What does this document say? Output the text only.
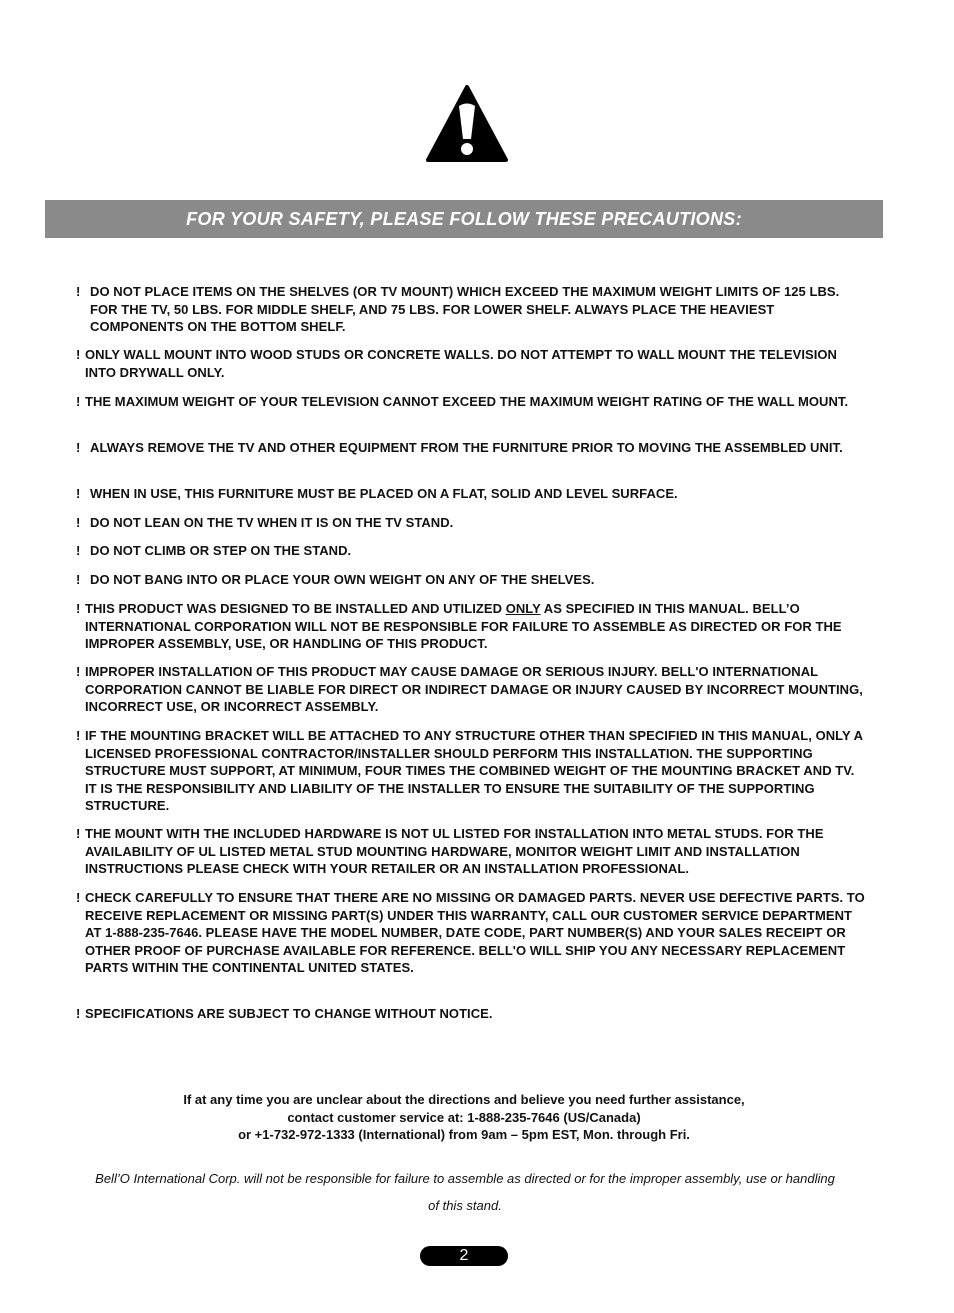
FOR YOUR SAFETY, PLEASE FOLLOW THESE PRECAUTIONS:
! DO NOT PLACE ITEMS ON THE SHELVES (OR TV MOUNT) WHICH EXCEED THE MAXIMUM WEIGHT LIMITS OF 125 LBS. FOR THE TV, 50 LBS. FOR MIDDLE SHELF, AND 75 LBS. FOR LOWER SHELF. ALWAYS PLACE THE HEAVIEST COMPONENTS ON THE BOTTOM SHELF.
! ONLY WALL MOUNT INTO WOOD STUDS OR CONCRETE WALLS. DO NOT ATTEMPT TO WALL MOUNT THE TELEVISION INTO DRYWALL ONLY.
! THE MAXIMUM WEIGHT OF YOUR TELEVISION CANNOT EXCEED THE MAXIMUM WEIGHT RATING OF THE WALL MOUNT.
! ALWAYS REMOVE THE TV AND OTHER EQUIPMENT FROM THE FURNITURE PRIOR TO MOVING THE ASSEMBLED UNIT.
! WHEN IN USE, THIS FURNITURE MUST BE PLACED ON A FLAT, SOLID AND LEVEL SURFACE.
! DO NOT LEAN ON THE TV WHEN IT IS ON THE TV STAND.
! DO NOT CLIMB OR STEP ON THE STAND.
! DO NOT BANG INTO OR PLACE YOUR OWN WEIGHT ON ANY OF THE SHELVES.
! THIS PRODUCT WAS DESIGNED TO BE INSTALLED AND UTILIZED ONLY AS SPECIFIED IN THIS MANUAL. BELL’O INTERNATIONAL CORPORATION WILL NOT BE RESPONSIBLE FOR FAILURE TO ASSEMBLE AS DIRECTED OR FOR THE IMPROPER ASSEMBLY, USE, OR HANDLING OF THIS PRODUCT.
! IMPROPER INSTALLATION OF THIS PRODUCT MAY CAUSE DAMAGE OR SERIOUS INJURY. BELL'O INTERNATIONAL CORPORATION CANNOT BE LIABLE FOR DIRECT OR INDIRECT DAMAGE OR INJURY CAUSED BY INCORRECT MOUNTING, INCORRECT USE, OR INCORRECT ASSEMBLY.
! IF THE MOUNTING BRACKET WILL BE ATTACHED TO ANY STRUCTURE OTHER THAN SPECIFIED IN THIS MANUAL, ONLY A LICENSED PROFESSIONAL CONTRACTOR/INSTALLER SHOULD PERFORM THIS INSTALLATION. THE SUPPORTING STRUCTURE MUST SUPPORT, AT MINIMUM, FOUR TIMES THE COMBINED WEIGHT OF THE MOUNTING BRACKET AND TV. IT IS THE RESPONSIBILITY AND LIABILITY OF THE INSTALLER TO ENSURE THE SUITABILITY OF THE SUPPORTING STRUCTURE.
! THE MOUNT WITH THE INCLUDED HARDWARE IS NOT UL LISTED FOR INSTALLATION INTO METAL STUDS. FOR THE AVAILABILITY OF UL LISTED METAL STUD MOUNTING HARDWARE, MONITOR WEIGHT LIMIT AND INSTALLATION INSTRUCTIONS PLEASE CHECK WITH YOUR RETAILER OR AN INSTALLATION PROFESSIONAL.
! CHECK CAREFULLY TO ENSURE THAT THERE ARE NO MISSING OR DAMAGED PARTS. NEVER USE DEFECTIVE PARTS. TO RECEIVE REPLACEMENT OR MISSING PART(S) UNDER THIS WARRANTY, CALL OUR CUSTOMER SERVICE DEPARTMENT AT 1-888-235-7646. PLEASE HAVE THE MODEL NUMBER, DATE CODE, PART NUMBER(S) AND YOUR SALES RECEIPT OR OTHER PROOF OF PURCHASE AVAILABLE FOR REFERENCE. BELL'O WILL SHIP YOU ANY NECESSARY REPLACEMENT PARTS WITHIN THE CONTINENTAL UNITED STATES.
! SPECIFICATIONS ARE SUBJECT TO CHANGE WITHOUT NOTICE.
If at any time you are unclear about the directions and believe you need further assistance,
contact customer service at: 1-888-235-7646 (US/Canada)
or +1-732-972-1333 (International) from 9am – 5pm EST, Mon. through Fri.
Bell’O International Corp. will not be responsible for failure to assemble as directed or for the improper assembly, use or handling
of this stand.
2
